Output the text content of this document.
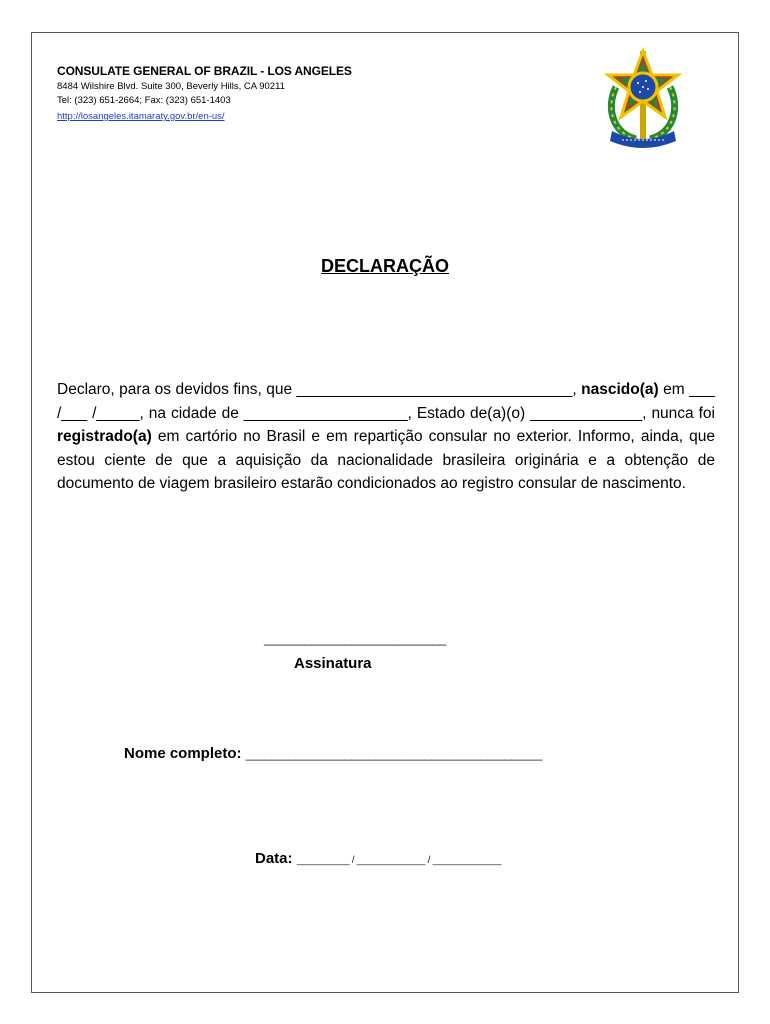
CONSULATE GENERAL OF BRAZIL - LOS ANGELES
8484 Wilshire Blvd. Suite 300, Beverly Hills, CA 90211
Tel: (323) 651-2664; Fax: (323) 651-1403
http://losangeles.itamaraty.gov.br/en-us/
DECLARAÇÃO
Declaro, para os devidos fins, que ________________________________, nascido(a) em ___ /___ /_____, na cidade de ___________________, Estado de(a)(o) _____________, nunca foi registrado(a) em cartório no Brasil e em repartição consular no exterior. Informo, ainda, que estou ciente de que a aquisição da nacionalidade brasileira originária e a obtenção de documento de viagem brasileiro estarão condicionados ao registro consular de nascimento.
___________________________
Assinatura
Nome completo: ________________________________________________
Data: __________ / _____________ / _____________
